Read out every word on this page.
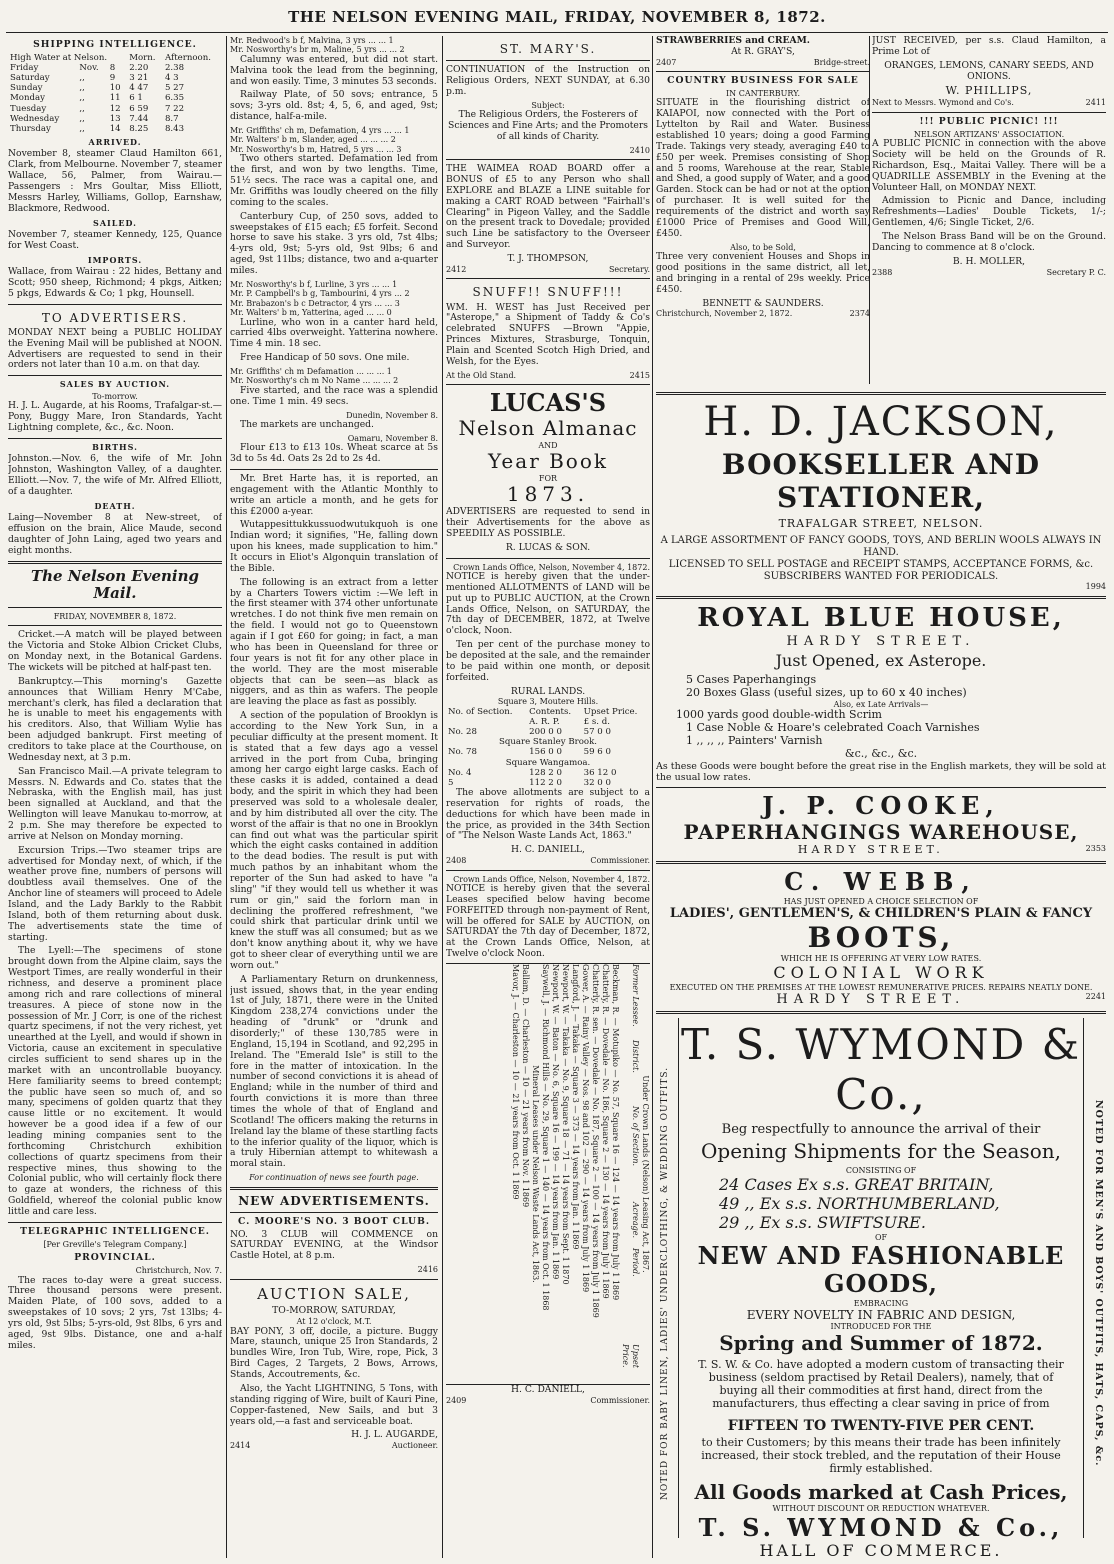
THE NELSON EVENING MAIL, FRIDAY, NOVEMBER 8, 1872.
SHIPPING INTELLIGENCE.
High Water at Nelson.			Morn.	Afternoon.
Friday	Nov.	8	2.20	2.38
Saturday	,,	9	3 21	4 3
Sunday	,,	10	4 47	5 27
Monday	,,	11	6 1	6.35
Tuesday	,,	12	6 59	7 22
Wednesday	,,	13	7.44	8.7
Thursday	,,	14	8.25	8.43
ARRIVED.

November 8, steamer Claud Hamilton 661, Clark, from Melbourne. November 7, steamer Wallace, 56, Palmer, from Wairau.—Passengers : Mrs Goultar, Miss Elliott, Messrs Harley, Williams, Gollop, Earnshaw, Blackmore, Redwood.

SAILED.

November 7, steamer Kennedy, 125, Quance for West Coast.

IMPORTS.

Wallace, from Wairau : 22 hides, Bettany and Scott; 950 sheep, Richmond; 4 pkgs, Aitken; 5 pkgs, Edwards & Co; 1 pkg, Hounsell.

TO ADVERTISERS.

MONDAY NEXT being a PUBLIC HOLIDAY the Evening Mail will be published at NOON. Advertisers are requested to send in their orders not later than 10 a.m. on that day.

SALES BY AUCTION.
To-morrow.

H. J. L. Augarde, at his Rooms, Trafalgar-st.— Pony, Buggy Mare, Iron Standards, Yacht Lightning complete, &c., &c. Noon.

BIRTHS.

Johnston.—Nov. 6, the wife of Mr. John Johnston, Washington Valley, of a daughter. Elliott.—Nov. 7, the wife of Mr. Alfred Elliott, of a daughter.

DEATH.

Laing—November 8 at New-street, of effusion on the brain, Alice Maude, second daughter of John Laing, aged two years and eight months.

The Nelson Evening Mail.
FRIDAY, NOVEMBER 8, 1872.

Cricket.—A match will be played between the Victoria and Stoke Albion Cricket Clubs, on Monday next, in the Botanical Gardens. The wickets will be pitched at half-past ten.

Bankruptcy.—This morning's Gazette announces that William Henry M'Cabe, merchant's clerk, has filed a declaration that he is unable to meet his engagements with his creditors. Also, that William Wylie has been adjudged bankrupt. First meeting of creditors to take place at the Courthouse, on Wednesday next, at 3 p.m.

San Francisco Mail.—A private telegram to Messrs. N. Edwards and Co. states that the Nebraska, with the English mail, has just been signalled at Auckland, and that the Wellington will leave Manukau to-morrow, at 2 p.m. She may therefore be expected to arrive at Nelson on Monday morning.

Excursion Trips.—Two steamer trips are advertised for Monday next, of which, if the weather prove fine, numbers of persons will doubtless avail themselves. One of the Anchor line of steamers will proceed to Adele Island, and the Lady Barkly to the Rabbit Island, both of them returning about dusk. The advertisements state the time of starting.

The Lyell:—The specimens of stone brought down from the Alpine claim, says the Westport Times, are really wonderful in their richness, and deserve a prominent place among rich and rare collections of mineral treasures. A piece of stone now in the possession of Mr. J Corr, is one of the richest quartz specimens, if not the very richest, yet unearthed at the Lyell, and would if shown in Victoria, cause an excitement in speculative circles sufficient to send shares up in the market with an uncontrollable buoyancy. Here familiarity seems to breed contempt; the public have seen so much of, and so many, specimens of golden quartz that they cause little or no excitement. It would however be a good idea if a few of our leading mining companies sent to the forthcoming Christchurch exhibition collections of quartz specimens from their respective mines, thus showing to the Colonial public, who will certainly flock there to gaze at wonders, the richness of this Goldfield, whereof the colonial public know little and care less.

TELEGRAPHIC INTELLIGENCE.
[Per Greville's Telegram Company.]
PROVINCIAL.
Christchurch, Nov. 7.

The races to-day were a great success. Three thousand persons were present. Maiden Plate, of 100 sovs, added to a sweepstakes of 10 sovs; 2 yrs, 7st 13lbs; 4-yrs old, 9st 5lbs; 5-yrs-old, 9st 8lbs, 6 yrs and aged, 9st 9lbs. Distance, one and a-half miles.

Mr. Redwood's b f, Malvina, 3 yrs ... ... 1
Mr. Nosworthy's br m, Maline, 5 yrs ... ... 2

Calumny was entered, but did not start. Malvina took the lead from the beginning, and won easily. Time, 3 minutes 53 seconds.

Railway Plate, of 50 sovs; entrance, 5 sovs; 3-yrs old. 8st; 4, 5, 6, and aged, 9st; distance, half-a-mile.

Mr. Griffiths' ch m, Defamation, 4 yrs ... ... 1
Mr. Walters' b m, Slander, aged ... ... ... 2
Mr. Nosworthy's b m, Hatred, 5 yrs ... ... 3

Two others started. Defamation led from the first, and won by two lengths. Time, 51½ secs. The race was a capital one, and Mr. Griffiths was loudly cheered on the filly coming to the scales.

Canterbury Cup, of 250 sovs, added to sweepstakes of £15 each; £5 forfeit. Second horse to save his stake. 3 yrs old, 7st 4lbs; 4-yrs old, 9st; 5-yrs old, 9st 9lbs; 6 and aged, 9st 11lbs; distance, two and a-quarter miles.

Mr. Nosworthy's b f, Lurline, 3 yrs ... ... 1
Mr. P. Campbell's b g, Tambourini, 4 yrs ... 2
Mr. Brabazon's b c Detractor, 4 yrs ... ... 3
Mr. Walters' b m, Yatterina, aged ... ... 0

Lurline, who won in a canter hard held, carried 4lbs overweight. Yatterina nowhere. Time 4 min. 18 sec.

Free Handicap of 50 sovs. One mile.

Mr. Griffiths' ch m Defamation ... ... ... 1
Mr. Nosworthy's ch m No Name ... ... ... 2

Five started, and the race was a splendid one. Time 1 min. 49 secs.

Dunedin, November 8.

The markets are unchanged.

Oamaru, November 8.

Flour £13 to £13 10s. Wheat scarce at 5s 3d to 5s 4d. Oats 2s 2d to 2s 4d.

Mr. Bret Harte has, it is reported, an engagement with the Atlantic Monthly to write an article a month, and he gets for this £2000 a-year.

Wutappesittukkussuodwutukquoh is one Indian word; it signifies, "He, falling down upon his knees, made supplication to him." It occurs in Eliot's Algonquin translation of the Bible.

The following is an extract from a letter by a Charters Towers victim :—We left in the first steamer with 374 other unfortunate wretches. I do not think five men remain on the field. I would not go to Queenstown again if I got £60 for going; in fact, a man who has been in Queensland for three or four years is not fit for any other place in the world. They are the most miserable objects that can be seen—as black as niggers, and as thin as wafers. The people are leaving the place as fast as possibly.

A section of the population of Brooklyn is according to the New York Sun, in a peculiar difficulty at the present moment. It is stated that a few days ago a vessel arrived in the port from Cuba, bringing among her cargo eight large casks. Each of these casks it is added, contained a dead body, and the spirit in which they had been preserved was sold to a wholesale dealer, and by him distributed all over the city. The worst of the affair is that no one in Brooklyn can find out what was the particular spirit which the eight casks contained in addition to the dead bodies. The result is put with much pathos by an inhabitant whom the reporter of the Sun had asked to have "a sling" "if they would tell us whether it was rum or gin," said the forlorn man in declining the proffered refreshment, "we could shirk that particular drink until we knew the stuff was all consumed; but as we don't know anything about it, why we have got to sheer clear of everything until we are worn out."

A Parliamentary Return on drunkenness, just issued, shows that, in the year ending 1st of July, 1871, there were in the United Kingdom 238,274 convictions under the heading of "drunk" or "drunk and disorderly;" of these 130,785 were in England, 15,194 in Scotland, and 92,295 in Ireland. The "Emerald Isle" is still to the fore in the matter of intoxication. In the number of second convictions it is ahead of England; while in the number of third and fourth convictions it is more than three times the whole of that of England and Scotland! The officers making the returns in Ireland lay the blame of these startling facts to the inferior quality of the liquor, which is a truly Hibernian attempt to whitewash a moral stain.

For continuation of news see fourth page.
NEW ADVERTISEMENTS.
C. MOORE'S NO. 3 BOOT CLUB.

NO. 3 CLUB will COMMENCE on SATURDAY EVENING, at the Windsor Castle Hotel, at 8 p.m.

2416
AUCTION SALE,
TO-MORROW, SATURDAY,
At 12 o'clock, M.T.

BAY PONY, 3 off, docile, a picture. Buggy Mare, staunch, unique 25 Iron Standards, 2 bundles Wire, Iron Tub, Wire, rope, Pick, 3 Bird Cages, 2 Targets, 2 Bows, Arrows, Stands, Accoutrements, &c.

Also, the Yacht LIGHTNING, 5 Tons, with standing rigging of Wire, built of Kauri Pine, Copper-fastened, New Sails, and but 3 years old,—a fast and serviceable boat.

H. J. L. AUGARDE,
2414	Auctioneer.
ST. MARY'S.

CONTINUATION of the Instruction on Religious Orders, NEXT SUNDAY, at 6.30 p.m.

Subject:

The Religious Orders, the Fosterers of Sciences and Fine Arts; and the Promoters of all kinds of Charity.

2410

THE WAIMEA ROAD BOARD offer a BONUS of £5 to any Person who shall EXPLORE and BLAZE a LINE suitable for making a CART ROAD between "Fairhall's Clearing" in Pigeon Valley, and the Saddle on the present track to Dovedale; provided such Line be satisfactory to the Overseer and Surveyor.

T. J. THOMPSON,
2412	Secretary.
SNUFF!! SNUFF!!!

WM. H. WEST has Just Received per "Asterope," a Shipment of Taddy & Co's celebrated SNUFFS —Brown "Appie, Princes Mixtures, Strasburge, Tonquin, Plain and Scented Scotch High Dried, and Welsh, for the Eyes.

At the Old Stand.	2415
LUCAS'S
Nelson Almanac
AND
Year Book
FOR
1873.

ADVERTISERS are requested to send in their Advertisements for the above as SPEEDILY AS POSSIBLE.

R. LUCAS & SON.
Crown Lands Office, Nelson, November 4, 1872.

NOTICE is hereby given that the under-mentioned ALLOTMENTS of LAND will be put up to PUBLIC AUCTION, at the Crown Lands Office, Nelson, on SATURDAY, the 7th day of DECEMBER, 1872, at Twelve o'clock, Noon.

Ten per cent of the purchase money to be deposited at the sale, and the remainder to be paid within one month, or deposit forfeited.

RURAL LANDS.
Square 3, Moutere Hills.
No. of Section.	Contents.	Upset Price.
	A. R. P.	£ s. d.
No. 28	200 0 0	57 0 0
Square Stanley Brook.		
No. 78	156 0 0	59 6 0
Square Wangamoa.		
No. 4	128 2 0	36 12 0
5	112 2 0	32 0 0

The above allotments are subject to a reservation for rights of roads, the deductions for which have been made in the price, as provided in the 34th Section of "The Nelson Waste Lands Act, 1863."

H. C. DANIELL,
2408	Commissioner.
Crown Lands Office, Nelson, November 4, 1872.

NOTICE is hereby given that the several Leases specified below having become FORFEITED through non-payment of Rent, will be offered for SALE by AUCTION, on SATURDAY the 7th day of December, 1872, at the Crown Lands Office, Nelson, at Twelve o'clock Noon.

Under Crown Lands (Nelson) Leasing Act, 1867.
Former Lessee.
District.
No. of Section.
Acreage.
Period.
Upset Price.
Beckman, R. — Motupiko — No. 57, Square 16 — 124 — 14 years from July 1 1869
Chatterly, R. — Dovedale — No. 186, Square 2 — 130 — 14 years from July 1 1869
Chatterly, R. sen. — Dovedale — No. 187, Square 2 — 100 — 14 years from July 1 1869
Gower, A. — Rainy Valley — Nos. 98 and 102 — 290 — 14 years from July 1 1869
Langford, J. — Takaka — Square 3 — 373 — 14 years from Jan. 1 1869
Newport, W. — Takaka — No. 9, Square 18 — 71 — 14 years from Sept. 1 1870
Newport, W. — Baton — No. 6, Square 16 — 199 — 14 years from Jan. 1 1869
Saywell, J. — Richmond Hills — No. 29, Square 1 — 140 — 14 years from Oct. 1 1868
Mineral Leases under Nelson Waste Lands Act, 1863.
Ballam, D. — Charleston — 10 — 21 years from Nov. 1 1869
Mavor, J. — Charleston — 10 — 21 years from Oct. 1 1869
H. C. DANIELL,
2409	Commissioner.
STRAWBERRIES and CREAM.
At R. GRAY'S,
2407	Bridge-street.
COUNTRY BUSINESS FOR SALE
IN CANTERBURY.

SITUATE in the flourishing district of KAIAPOI, now connected with the Port of Lyttelton by Rail and Water. Business established 10 years; doing a good Farming Trade. Takings very steady, averaging £40 to £50 per week. Premises consisting of Shop and 5 rooms, Warehouse at the rear, Stable and Shed, a good supply of Water, and a good Garden. Stock can be had or not at the option of purchaser. It is well suited for the requirements of the district and worth say £1000 Price of Premises and Good Will, £450.

Also, to be Sold,

Three very convenient Houses and Shops in good positions in the same district, all let, and bringing in a rental of 29s weekly. Price £450.

BENNETT & SAUNDERS.
Christchurch, November 2, 1872.	2374

JUST RECEIVED, per s.s. Claud Hamilton, a Prime Lot of

ORANGES, LEMONS, CANARY SEEDS, AND ONIONS.

W. PHILLIPS,
Next to Messrs. Wymond and Co's.	2411
!!! PUBLIC PICNIC! !!!
NELSON ARTIZANS' ASSOCIATION.

A PUBLIC PICNIC in connection with the above Society will be held on the Grounds of R. Richardson, Esq., Maitai Valley. There will be a QUADRILLE ASSEMBLY in the Evening at the Volunteer Hall, on MONDAY NEXT.

Admission to Picnic and Dance, including Refreshments—Ladies' Double Tickets, 1/-; Gentlemen, 4/6; Single Ticket, 2/6.

The Nelson Brass Band will be on the Ground. Dancing to commence at 8 o'clock.

B. H. MOLLER,
2388	Secretary P. C.
H. D. JACKSON,
BOOKSELLER AND STATIONER,
TRAFALGAR STREET, NELSON.
A LARGE ASSORTMENT OF FANCY GOODS, TOYS, AND BERLIN WOOLS ALWAYS IN HAND.
LICENSED TO SELL POSTAGE and RECEIPT STAMPS, ACCEPTANCE FORMS, &c. SUBSCRIBERS WANTED FOR PERIODICALS.
1994
ROYAL BLUE HOUSE,
HARDY STREET.
Just Opened, ex Asterope.
5 Cases Paperhangings
20 Boxes Glass (useful sizes, up to 60 x 40 inches)
Also, ex Late Arrivals—
1000 yards good double-width Scrim
1 Case Noble & Hoare's celebrated Coach Varnishes
1 ,, ,, ,, Painters' Varnish
&c., &c., &c.

As these Goods were bought before the great rise in the English markets, they will be sold at the usual low rates.

J. P. COOKE,
PAPERHANGINGS WAREHOUSE,
HARDY STREET.	2353
C. WEBB,
HAS JUST OPENED A CHOICE SELECTION OF
LADIES', GENTLEMEN'S, & CHILDREN'S PLAIN & FANCY
BOOTS,
WHICH HE IS OFFERING AT VERY LOW RATES.
COLONIAL WORK
EXECUTED ON THE PREMISES AT THE LOWEST REMUNERATIVE PRICES. REPAIRS NEATLY DONE.
HARDY STREET.	2241
NOTED FOR BABY LINEN, LADIES' UNDERCLOTHING, & WEDDING OUTFITS.	NOTED FOR MEN'S AND BOYS' OUTFITS, HATS, CAPS, &c.
T. S. WYMOND & Co.,
Beg respectfully to announce the arrival of their
Opening Shipments for the Season,
CONSISTING OF
24 Cases Ex s.s. GREAT BRITAIN,
49 ,, Ex s.s. NORTHUMBERLAND,
29 ,, Ex s.s. SWIFTSURE.
OF
NEW AND FASHIONABLE GOODS,
EMBRACING
EVERY NOVELTY IN FABRIC AND DESIGN,
INTRODUCED FOR THE
Spring and Summer of 1872.

T. S. W. & Co. have adopted a modern custom of transacting their business (seldom practised by Retail Dealers), namely, that of buying all their commodities at first hand, direct from the manufacturers, thus effecting a clear saving in price of from

FIFTEEN TO TWENTY-FIVE PER CENT.

to their Customers; by this means their trade has been infinitely increased, their stock trebled, and the reputation of their House firmly established.

All Goods marked at Cash Prices,
WITHOUT DISCOUNT OR REDUCTION WHATEVER.
T. S. WYMOND & Co.,
HALL OF COMMERCE.
